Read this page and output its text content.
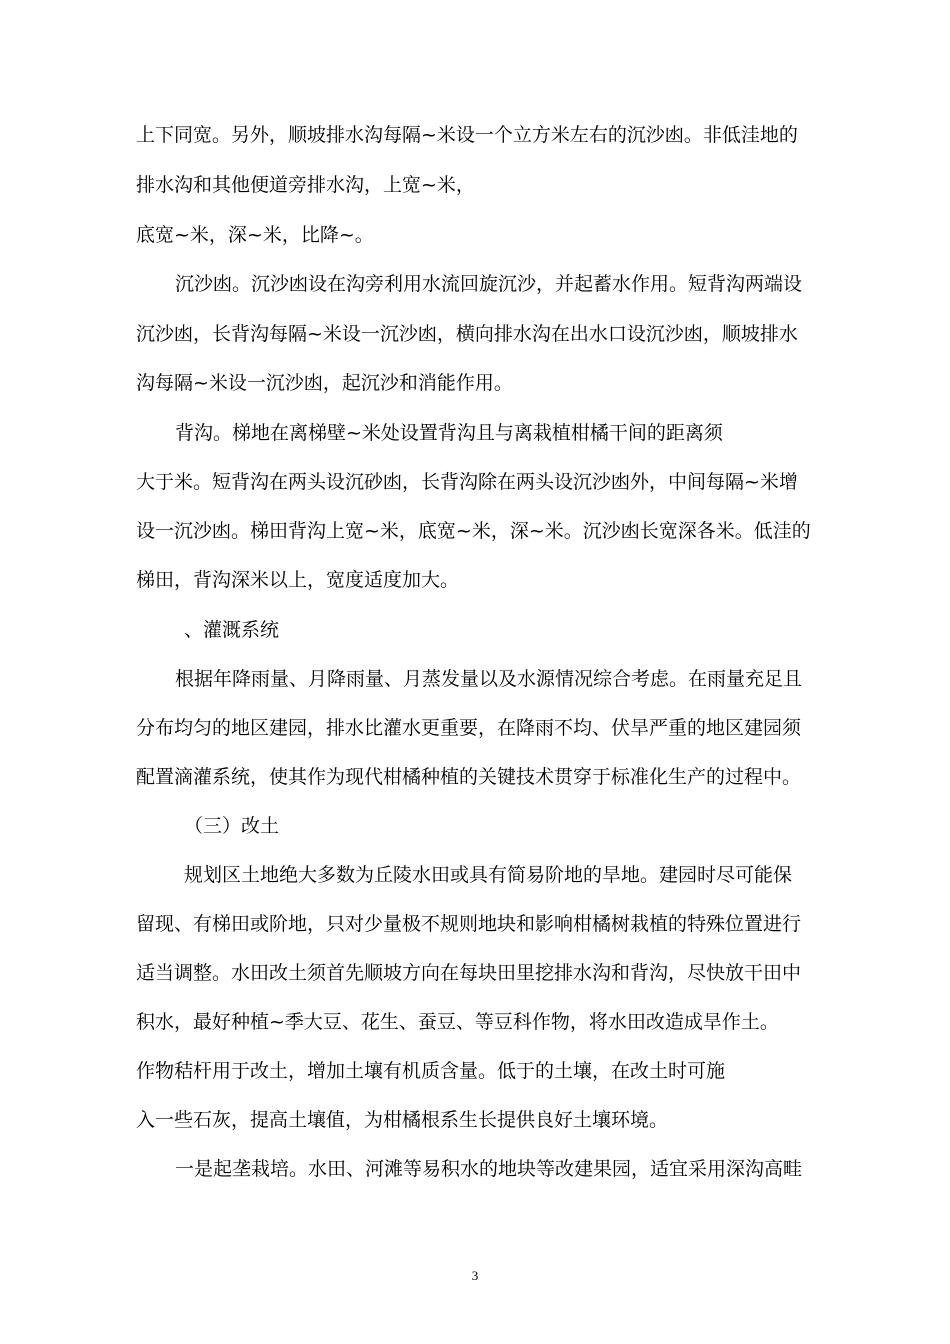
上下同宽。另外，顺坡排水沟每隔~米设一个立方米左右的沉沙凼。非低洼地的
排水沟和其他便道旁排水沟，上宽~米，
底宽~米，深~米，比降~。
沉沙凼。沉沙凼设在沟旁利用水流回旋沉沙，并起蓄水作用。短背沟两端设
沉沙凼，长背沟每隔~米设一沉沙凼，横向排水沟在出水口设沉沙凼，顺坡排水
沟每隔~米设一沉沙凼，起沉沙和消能作用。
背沟。梯地在离梯壁~米处设置背沟且与离栽植柑橘干间的距离须
大于米。短背沟在两头设沉砂凼，长背沟除在两头设沉沙凼外，中间每隔~米增
设一沉沙凼。梯田背沟上宽~米，底宽~米，深~米。沉沙凼长宽深各米。低洼的
梯田，背沟深米以上，宽度适度加大。
、灌溉系统
根据年降雨量、月降雨量、月蒸发量以及水源情况综合考虑。在雨量充足且
分布均匀的地区建园，排水比灌水更重要，在降雨不均、伏旱严重的地区建园须
配置滴灌系统，使其作为现代柑橘种植的关键技术贯穿于标准化生产的过程中。
（三）改土
规划区土地绝大多数为丘陵水田或具有简易阶地的旱地。建园时尽可能保
留现、有梯田或阶地，只对少量极不规则地块和影响柑橘树栽植的特殊位置进行
适当调整。水田改土须首先顺坡方向在每块田里挖排水沟和背沟，尽快放干田中
积水，最好种植~季大豆、花生、蚕豆、等豆科作物，将水田改造成旱作土。
作物秸杆用于改土，增加土壤有机质含量。低于的土壤，在改土时可施
入一些石灰，提高土壤值，为柑橘根系生长提供良好土壤环境。
一是起垄栽培。水田、河滩等易积水的地块等改建果园，适宜采用深沟高畦
3
